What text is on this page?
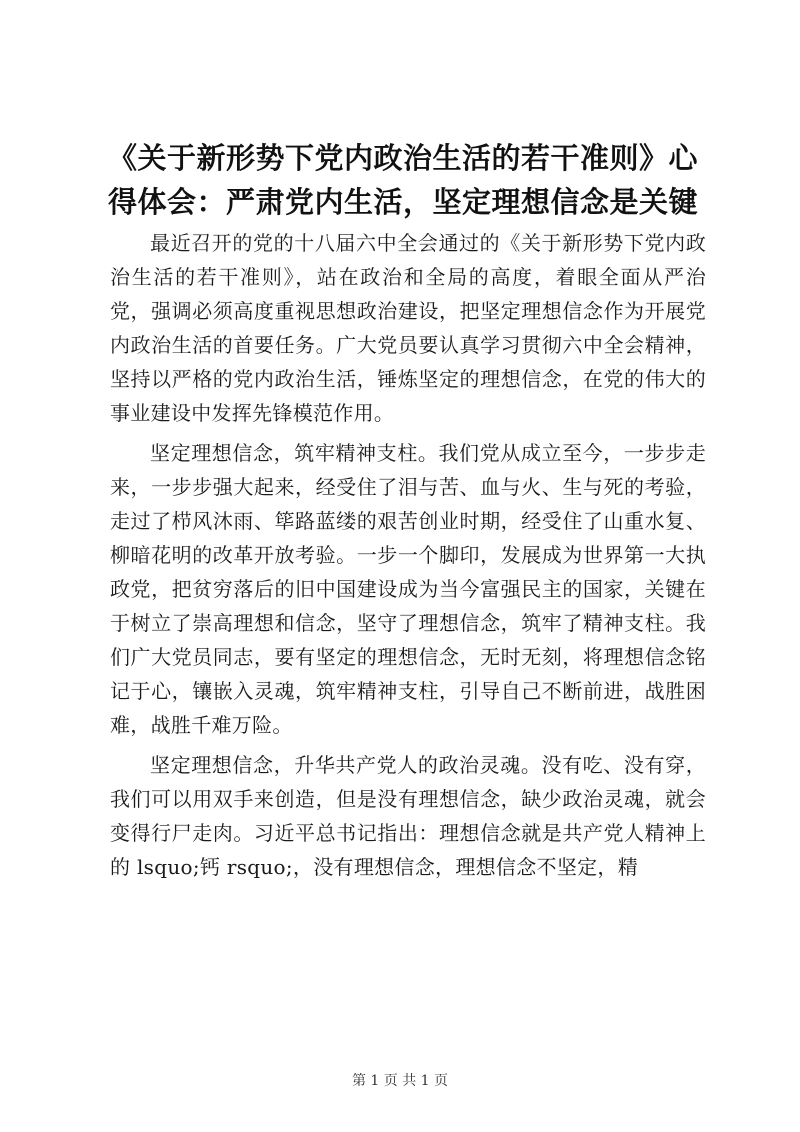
《关于新形势下党内政治生活的若干准则》心得体会：严肃党内生活，坚定理想信念是关键

最近召开的党的十八届六中全会通过的《关于新形势下党内政治生活的若干准则》，站在政治和全局的高度，着眼全面从严治党，强调必须高度重视思想政治建设，把坚定理想信念作为开展党内政治生活的首要任务。广大党员要认真学习贯彻六中全会精神，坚持以严格的党内政治生活，锤炼坚定的理想信念，在党的伟大的事业建设中发挥先锋模范作用。

坚定理想信念，筑牢精神支柱。我们党从成立至今，一步步走来，一步步强大起来，经受住了泪与苦、血与火、生与死的考验，走过了栉风沐雨、筚路蓝缕的艰苦创业时期，经受住了山重水复、柳暗花明的改革开放考验。一步一个脚印，发展成为世界第一大执政党，把贫穷落后的旧中国建设成为当今富强民主的国家，关键在于树立了崇高理想和信念，坚守了理想信念，筑牢了精神支柱。我们广大党员同志，要有坚定的理想信念，无时无刻，将理想信念铭记于心，镶嵌入灵魂，筑牢精神支柱，引导自己不断前进，战胜困难，战胜千难万险。

坚定理想信念，升华共产党人的政治灵魂。没有吃、没有穿，我们可以用双手来创造，但是没有理想信念，缺少政治灵魂，就会变得行尸走肉。习近平总书记指出：理想信念就是共产党人精神上的 lsquo;钙 rsquo;，没有理想信念，理想信念不坚定，精

第 1 页 共 1 页
